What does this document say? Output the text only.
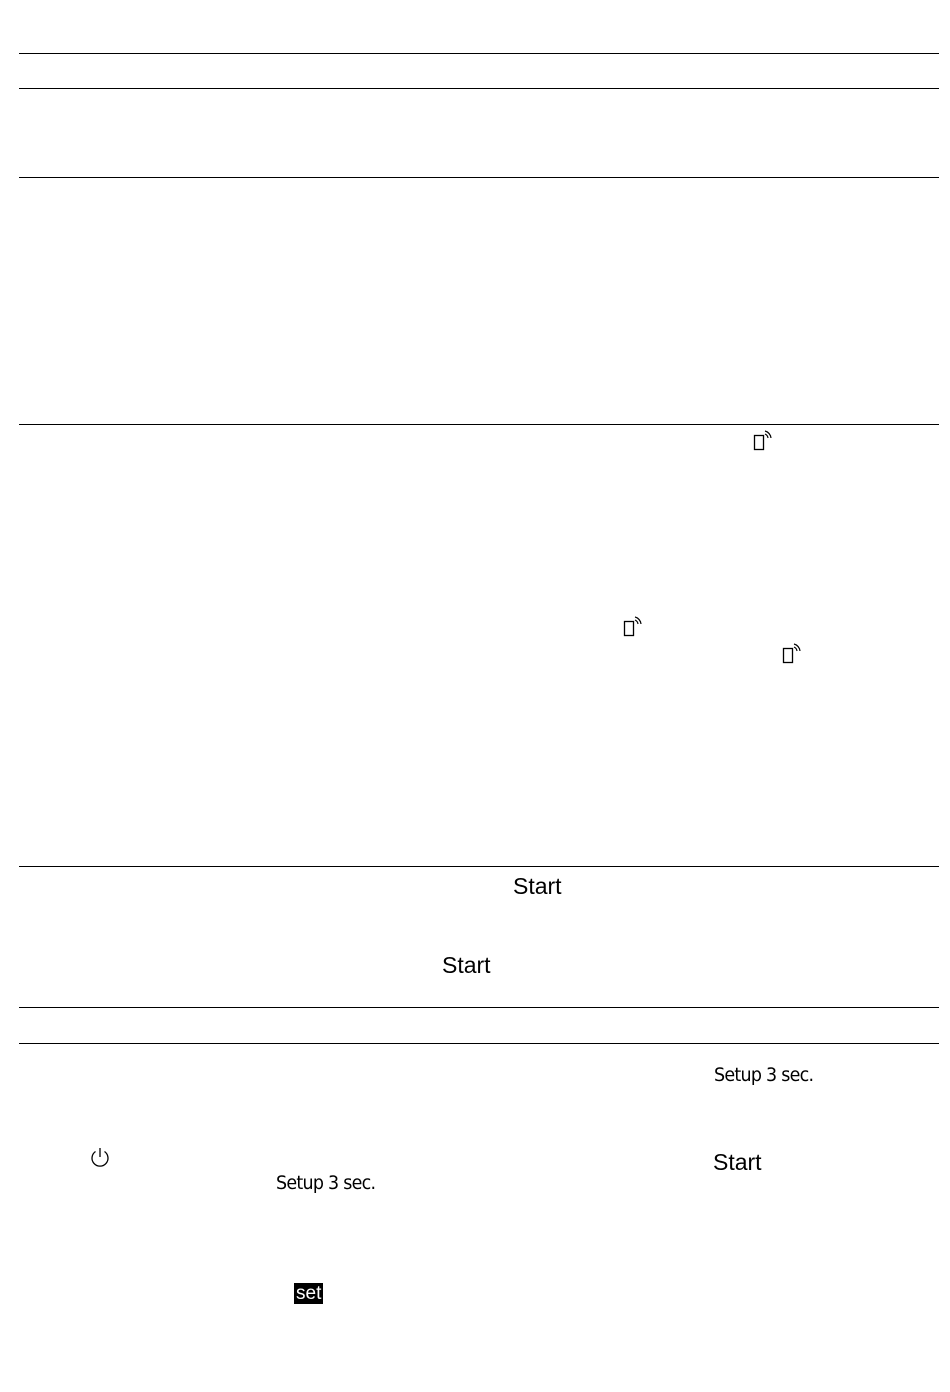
Start
Start
Start
Setup 3 sec.
Setup 3 sec.
set
